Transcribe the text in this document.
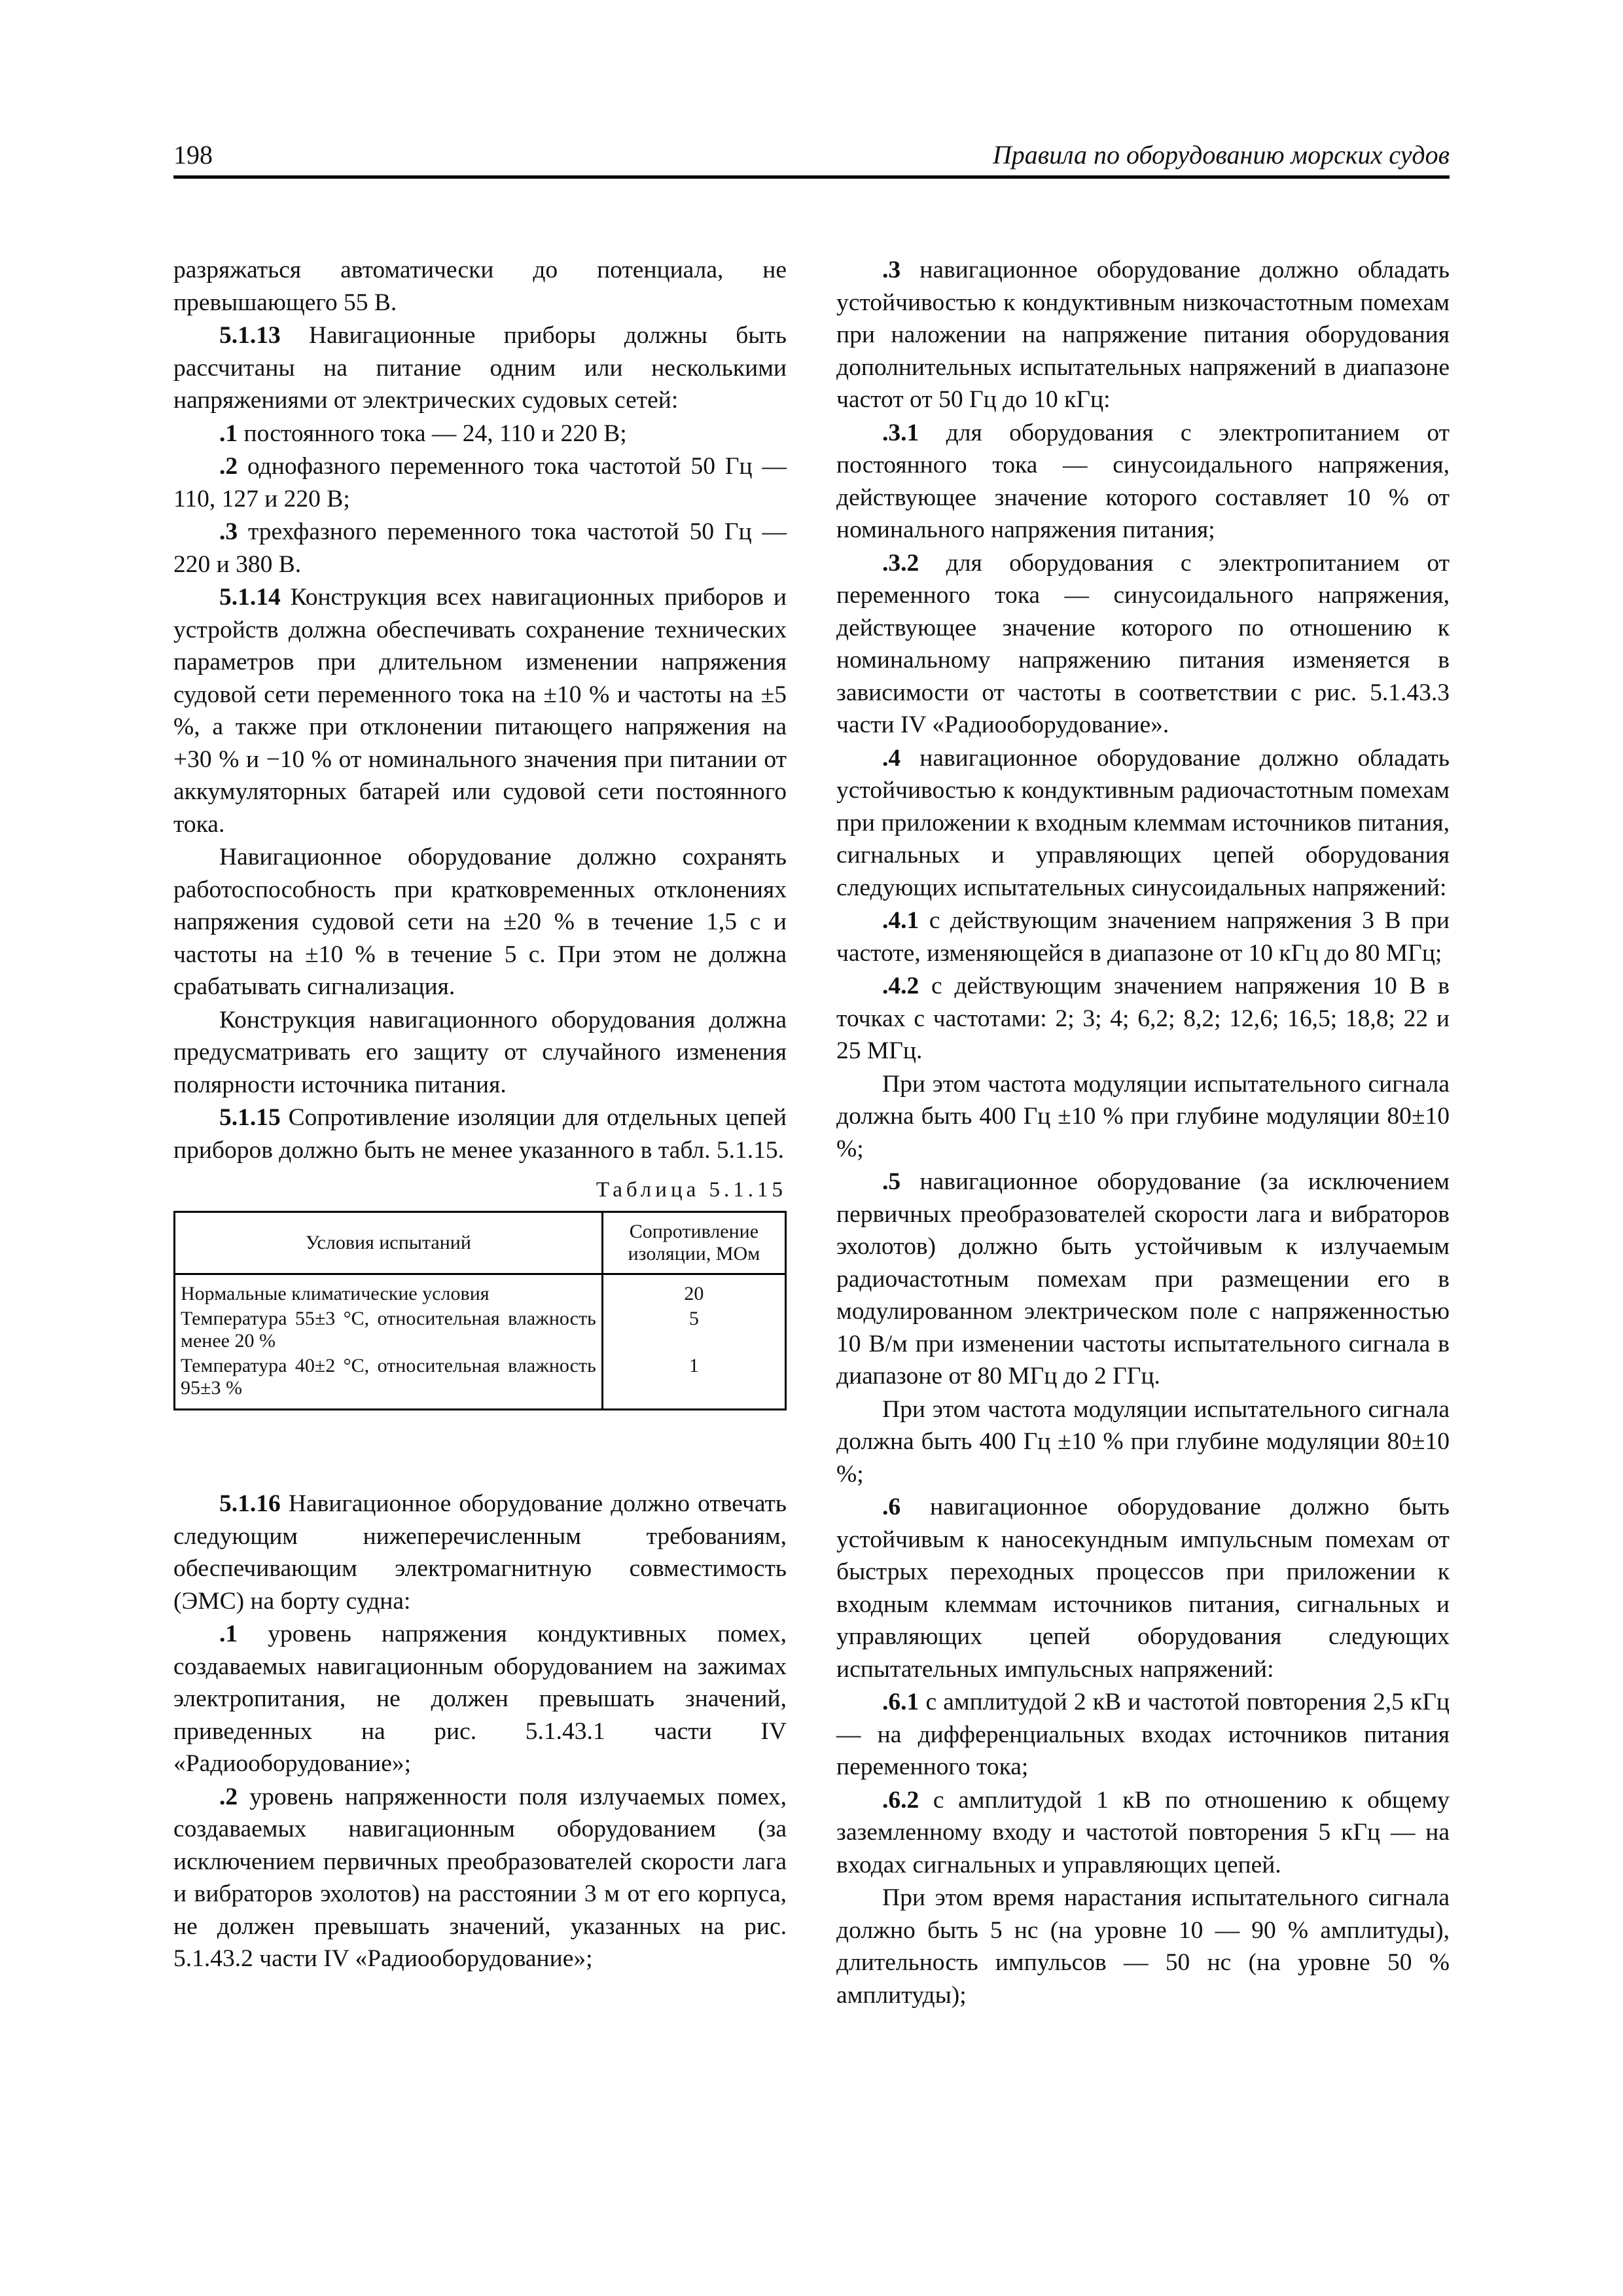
198	Правила по оборудованию морских судов

разряжаться автоматически до потенциала, не превышающего 55 В.

5.1.13 Навигационные приборы должны быть рассчитаны на питание одним или несколькими напряжениями от электрических судовых сетей:

.1 постоянного тока — 24, 110 и 220 В;

.2 однофазного переменного тока частотой 50 Гц — 110, 127 и 220 В;

.3 трехфазного переменного тока частотой 50 Гц — 220 и 380 В.

5.1.14 Конструкция всех навигационных приборов и устройств должна обеспечивать сохранение технических параметров при длительном изменении напряжения судовой сети переменного тока на ±10 % и частоты на ±5 %, а также при отклонении питающего напряжения на +30 % и −10 % от номинального значения при питании от аккумуляторных батарей или судовой сети постоянного тока.

Навигационное оборудование должно сохранять работоспособность при кратковременных отклонениях напряжения судовой сети на ±20 % в течение 1,5 с и частоты на ±10 % в течение 5 с. При этом не должна срабатывать сигнализация.

Конструкция навигационного оборудования должна предусматривать его защиту от случайного изменения полярности источника питания.

5.1.15 Сопротивление изоляции для отдельных цепей приборов должно быть не менее указанного в табл. 5.1.15.

Таблица 5.1.15
Условия испытаний	Сопротивление изоляции, МОм
Нормальные климатические условия	20
Температура 55±3 °С, относительная влажность менее 20 %	5
Температура 40±2 °С, относительная влажность 95±3 %	1

5.1.16 Навигационное оборудование должно отвечать следующим нижеперечисленным требованиям, обеспечивающим электромагнитную совместимость (ЭМС) на борту судна:

.1 уровень напряжения кондуктивных помех, создаваемых навигационным оборудованием на зажимах электропитания, не должен превышать значений, приведенных на рис. 5.1.43.1 части IV «Радиооборудование»;

.2 уровень напряженности поля излучаемых помех, создаваемых навигационным оборудованием (за исключением первичных преобразователей скорости лага и вибраторов эхолотов) на расстоянии 3 м от его корпуса, не должен превышать значений, указанных на рис. 5.1.43.2 части IV «Радиооборудование»;

.3 навигационное оборудование должно обладать устойчивостью к кондуктивным низкочастотным помехам при наложении на напряжение питания оборудования дополнительных испытательных напряжений в диапазоне частот от 50 Гц до 10 кГц:

.3.1 для оборудования с электропитанием от постоянного тока — синусоидального напряжения, действующее значение которого составляет 10 % от номинального напряжения питания;

.3.2 для оборудования с электропитанием от переменного тока — синусоидального напряжения, действующее значение которого по отношению к номинальному напряжению питания изменяется в зависимости от частоты в соответствии с рис. 5.1.43.3 части IV «Радиооборудование».

.4 навигационное оборудование должно обладать устойчивостью к кондуктивным радиочастотным помехам при приложении к входным клеммам источников питания, сигнальных и управляющих цепей оборудования следующих испытательных синусоидальных напряжений:

.4.1 с действующим значением напряжения 3 В при частоте, изменяющейся в диапазоне от 10 кГц до 80 МГц;

.4.2 с действующим значением напряжения 10 В в точках с частотами: 2; 3; 4; 6,2; 8,2; 12,6; 16,5; 18,8; 22 и 25 МГц.

При этом частота модуляции испытательного сигнала должна быть 400 Гц ±10 % при глубине модуляции 80±10 %;

.5 навигационное оборудование (за исключением первичных преобразователей скорости лага и вибраторов эхолотов) должно быть устойчивым к излучаемым радиочастотным помехам при размещении его в модулированном электрическом поле с напряженностью 10 В/м при изменении частоты испытательного сигнала в диапазоне от 80 МГц до 2 ГГц.

При этом частота модуляции испытательного сигнала должна быть 400 Гц ±10 % при глубине модуляции 80±10 %;

.6 навигационное оборудование должно быть устойчивым к наносекундным импульсным помехам от быстрых переходных процессов при приложении к входным клеммам источников питания, сигнальных и управляющих цепей оборудования следующих испытательных импульсных напряжений:

.6.1 с амплитудой 2 кВ и частотой повторения 2,5 кГц — на дифференциальных входах источников питания переменного тока;

.6.2 с амплитудой 1 кВ по отношению к общему заземленному входу и частотой повторения 5 кГц — на входах сигнальных и управляющих цепей.

При этом время нарастания испытательного сигнала должно быть 5 нс (на уровне 10 — 90 % амплитуды), длительность импульсов — 50 нс (на уровне 50 % амплитуды);
